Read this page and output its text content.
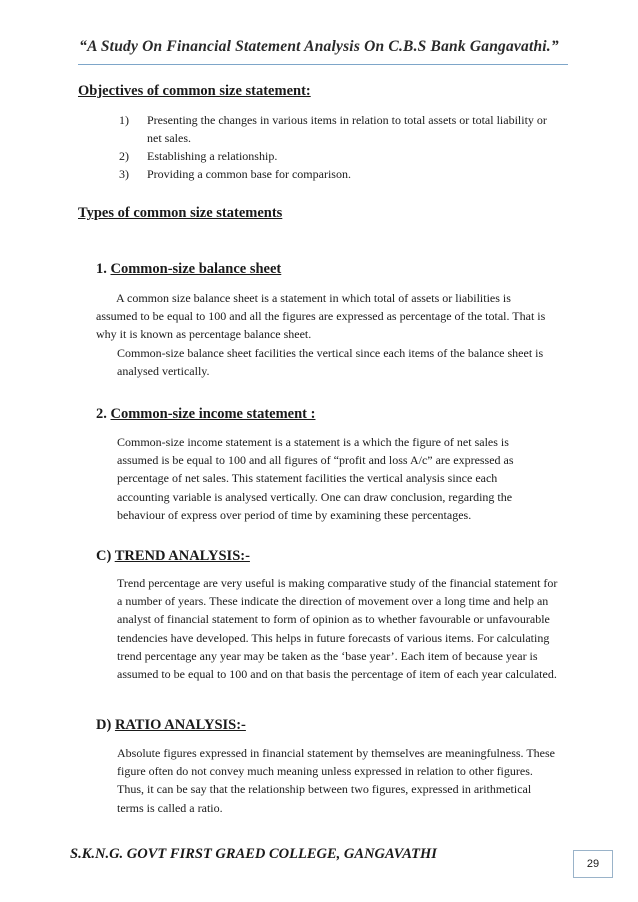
“A Study On Financial Statement Analysis On C.B.S Bank Gangavathi.”
Objectives of common size statement:
1)	Presenting the changes in various items in relation to total assets or total liability or net sales.
2)	Establishing a relationship.
3)	Providing a common base for comparison.
Types of common size statements
1. Common-size balance sheet
A common size balance sheet is a statement in which total of assets or liabilities is assumed to be equal to 100 and all the figures are expressed as percentage of the total. That is why it is known as percentage balance sheet.
Common-size balance sheet facilities the vertical since each items of the balance sheet is analysed vertically.
2. Common-size income statement :
Common-size income statement is a statement is a which the figure of net sales is assumed is be equal to 100 and all figures of “profit and loss A/c” are expressed as percentage of net sales. This statement facilities the vertical analysis since each accounting variable is analysed vertically. One can draw conclusion, regarding the behaviour of express over period of time by examining these percentages.
C) TREND ANALYSIS:-
Trend percentage are very useful is making comparative study of the financial statement for a number of years. These indicate the direction of movement over a long time and help an analyst of financial statement to form of opinion as to whether favourable or unfavourable tendencies have developed. This helps in future forecasts of various items. For calculating trend percentage any year may be taken as the ‘base year’. Each item of because year is assumed to be equal to 100 and on that basis the percentage of item of each year calculated.
D) RATIO ANALYSIS:-
Absolute figures expressed in financial statement by themselves are meaningfulness. These figure often do not convey much meaning unless expressed in relation to other figures. Thus, it can be say that the relationship between two figures, expressed in arithmetical terms is called a ratio.
S.K.N.G. GOVT FIRST GRAED COLLEGE, GANGAVATHI
29
